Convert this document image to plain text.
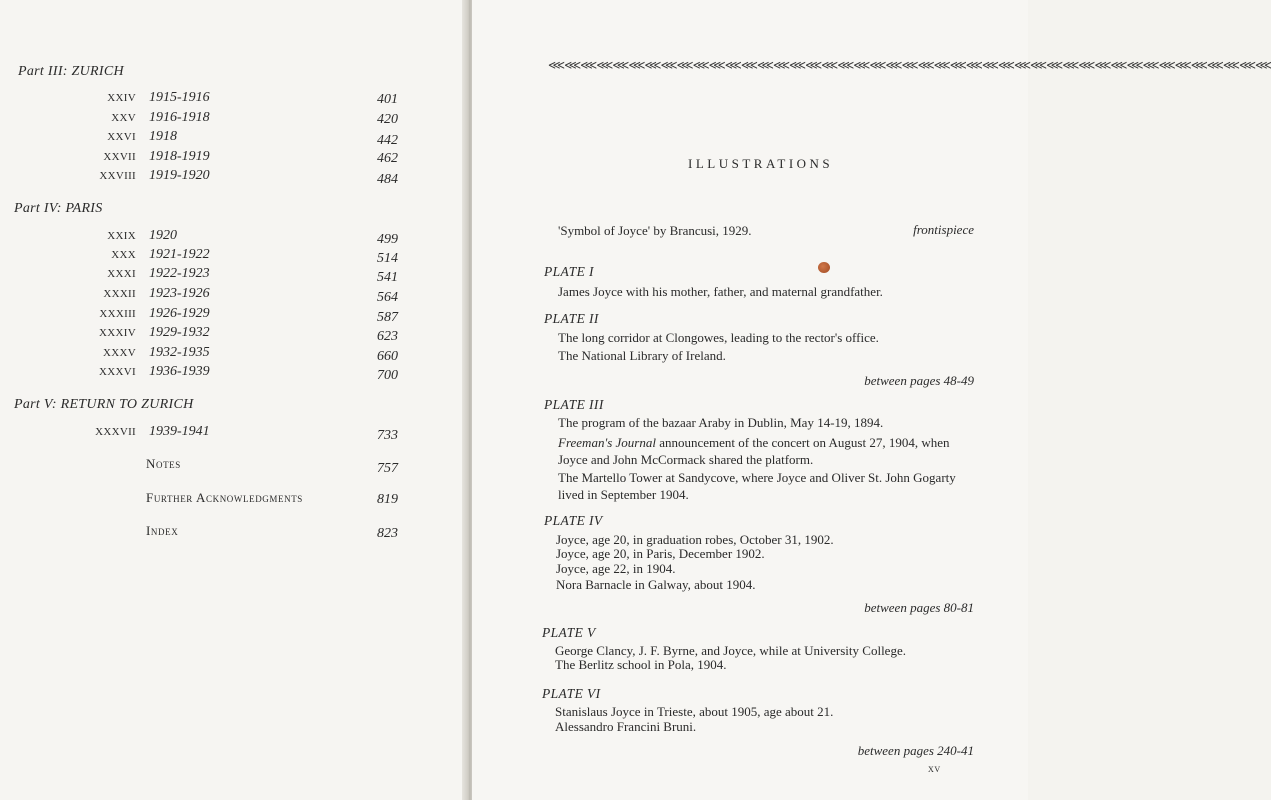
Part III: ZURICH
XXIV 1915-1916	401
XXV 1916-1918	420
XXVI 1918	442
XXVII 1918-1919	462
XXVIII 1919-1920	484
Part IV: PARIS
XXIX 1920	499
XXX 1921-1922	514
XXXI 1922-1923	541
XXXII 1923-1926	564
XXXIII 1926-1929	587
XXXIV 1929-1932	623
XXXV 1932-1935	660
XXXVI 1936-1939	700
Part V: RETURN TO ZURICH
XXXVII 1939-1941	733
Notes	757
Further Acknowledgments	819
Index	823
⋘⋘⋘⋘⋘⋘⋘⋘⋘⋘⋘⋘⋘⋘⋘⋘⋘⋘⋘⋘⋘⋘⋘⋘⋘⋘⋘⋘⋘⋘⋘⋘⋘⋘⋘⋘⋘⋘⋘⋘⋘⋘⋘⋘⋘
ILLUSTRATIONS
'Symbol of Joyce' by Brancusi, 1929.	frontispiece
PLATE I
James Joyce with his mother, father, and maternal grandfather.
PLATE II
The long corridor at Clongowes, leading to the rector's office.
The National Library of Ireland.
between pages 48-49
PLATE III
The program of the bazaar Araby in Dublin, May 14-19, 1894.
Freeman's Journal announcement of the concert on August 27, 1904, when Joyce and John McCormack shared the platform.
The Martello Tower at Sandycove, where Joyce and Oliver St. John Gogarty lived in September 1904.
PLATE IV
Joyce, age 20, in graduation robes, October 31, 1902.
Joyce, age 20, in Paris, December 1902.
Joyce, age 22, in 1904.
Nora Barnacle in Galway, about 1904.
between pages 80-81
PLATE V
George Clancy, J. F. Byrne, and Joyce, while at University College.
The Berlitz school in Pola, 1904.
PLATE VI
Stanislaus Joyce in Trieste, about 1905, age about 21.
Alessandro Francini Bruni.
between pages 240-41
xv
